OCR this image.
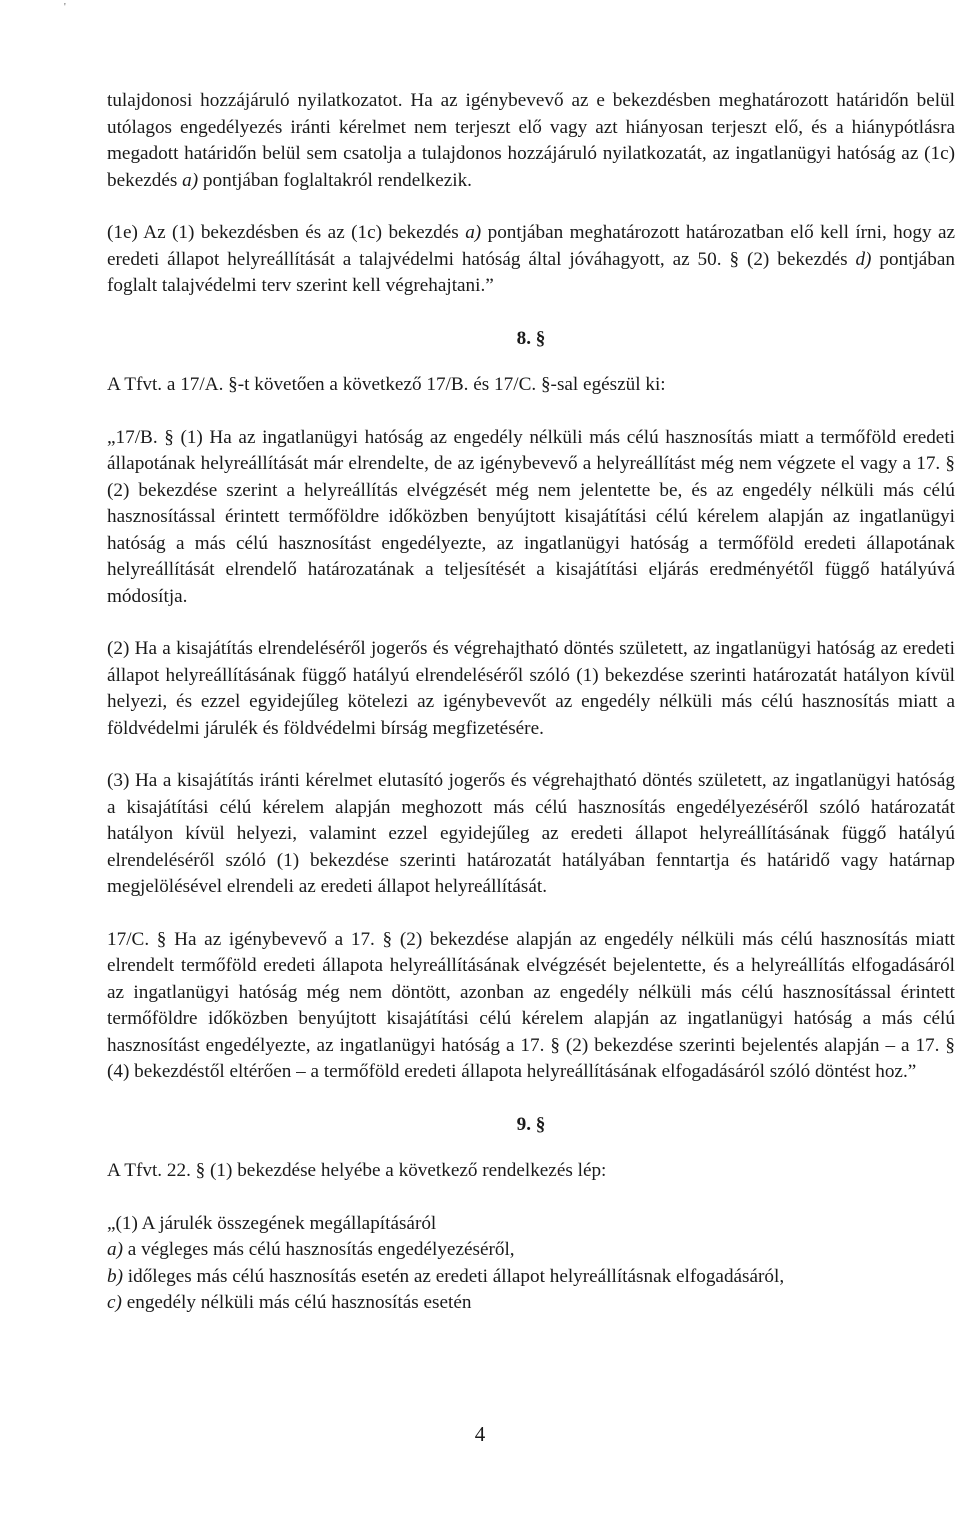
'

tulajdonosi hozzájáruló nyilatkozatot. Ha az igénybevevő az e bekezdésben meghatározott határidőn belül utólagos engedélyezés iránti kérelmet nem terjeszt elő vagy azt hiányosan terjeszt elő, és a hiánypótlásra megadott határidőn belül sem csatolja a tulajdonos hozzájáruló nyilatkozatát, az ingatlanügyi hatóság az (1c) bekezdés a) pontjában foglaltakról rendelkezik.

(1e) Az (1) bekezdésben és az (1c) bekezdés a) pontjában meghatározott határozatban elő kell írni, hogy az eredeti állapot helyreállítását a talajvédelmi hatóság által jóváhagyott, az 50. § (2) bekezdés d) pontjában foglalt talajvédelmi terv szerint kell végrehajtani.”

8. §

A Tfvt. a 17/A. §-t követően a következő 17/B. és 17/C. §-sal egészül ki:

„17/B. § (1) Ha az ingatlanügyi hatóság az engedély nélküli más célú hasznosítás miatt a termőföld eredeti állapotának helyreállítását már elrendelte, de az igénybevevő a helyreállítást még nem végzete el vagy a 17. § (2) bekezdése szerint a helyreállítás elvégzését még nem jelentette be, és az engedély nélküli más célú hasznosítással érintett termőföldre időközben benyújtott kisajátítási célú kérelem alapján az ingatlanügyi hatóság a más célú hasznosítást engedélyezte, az ingatlanügyi hatóság a termőföld eredeti állapotának helyreállítását elrendelő határozatának a teljesítését a kisajátítási eljárás eredményétől függő hatályúvá módosítja.

(2) Ha a kisajátítás elrendeléséről jogerős és végrehajtható döntés született, az ingatlanügyi hatóság az eredeti állapot helyreállításának függő hatályú elrendeléséről szóló (1) bekezdése szerinti határozatát hatályon kívül helyezi, és ezzel egyidejűleg kötelezi az igénybevevőt az engedély nélküli más célú hasznosítás miatt a földvédelmi járulék és földvédelmi bírság megfizetésére.

(3) Ha a kisajátítás iránti kérelmet elutasító jogerős és végrehajtható döntés született, az ingatlanügyi hatóság a kisajátítási célú kérelem alapján meghozott más célú hasznosítás engedélyezéséről szóló határozatát hatályon kívül helyezi, valamint ezzel egyidejűleg az eredeti állapot helyreállításának függő hatályú elrendeléséről szóló (1) bekezdése szerinti határozatát hatályában fenntartja és határidő vagy határnap megjelölésével elrendeli az eredeti állapot helyreállítását.

17/C. § Ha az igénybevevő a 17. § (2) bekezdése alapján az engedély nélküli más célú hasznosítás miatt elrendelt termőföld eredeti állapota helyreállításának elvégzését bejelentette, és a helyreállítás elfogadásáról az ingatlanügyi hatóság még nem döntött, azonban az engedély nélküli más célú hasznosítással érintett termőföldre időközben benyújtott kisajátítási célú kérelem alapján az ingatlanügyi hatóság a más célú hasznosítást engedélyezte, az ingatlanügyi hatóság a 17. § (2) bekezdése szerinti bejelentés alapján – a 17. § (4) bekezdéstől eltérően – a termőföld eredeti állapota helyreállításának elfogadásáról szóló döntést hoz.”

9. §

A Tfvt. 22. § (1) bekezdése helyébe a következő rendelkezés lép:

„(1) A járulék összegének megállapításáról

a) a végleges más célú hasznosítás engedélyezéséről,

b) időleges más célú hasznosítás esetén az eredeti állapot helyreállításnak elfogadásáról,

c) engedély nélküli más célú hasznosítás esetén

4
